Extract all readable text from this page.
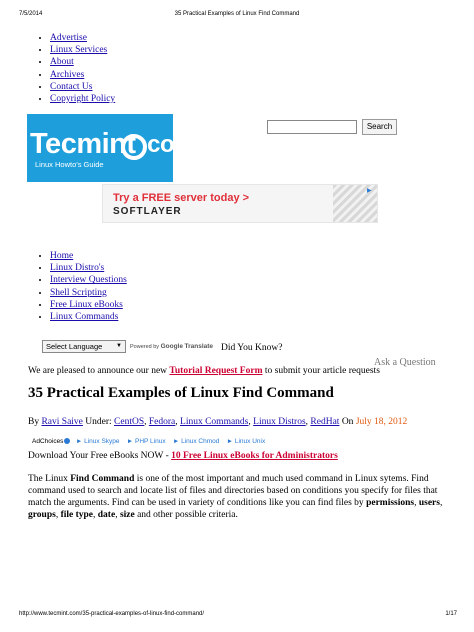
7/5/2014	35 Practical Examples of Linux Find Command
• Advertise
• Linux Services
• About
• Archives
• Contact Us
• Copyright Policy
Tecmint .com
Linux Howto's Guide
Search
Try a FREE server today >
SOFTLAYER
▶
• Home
• Linux Distro's
• Interview Questions
• Shell Scripting
• Free Linux eBooks
• Linux Commands
Select Language ▼ Powered by Google Translate Did You Know?
Ask a Question
We are pleased to announce our new Tutorial Request Form to submit your article requests
35 Practical Examples of Linux Find Command
By Ravi Saive Under: CentOS, Fedora, Linux Commands, Linux Distros, RedHat On July 18, 2012
AdChoices ► Linux Skype ► PHP Linux ► Linux Chmod ► Linux Unix
Download Your Free eBooks NOW - 10 Free Linux eBooks for Administrators

The Linux Find Command is one of the most important and much used command in Linux sytems. Find command used to search and locate list of files and directories based on conditions you specify for files that match the arguments. Find can be used in variety of conditions like you can find files by permissions, users, groups, file type, date, size and other possible criteria.

http://www.tecmint.com/35-practical-examples-of-linux-find-command/	1/17
